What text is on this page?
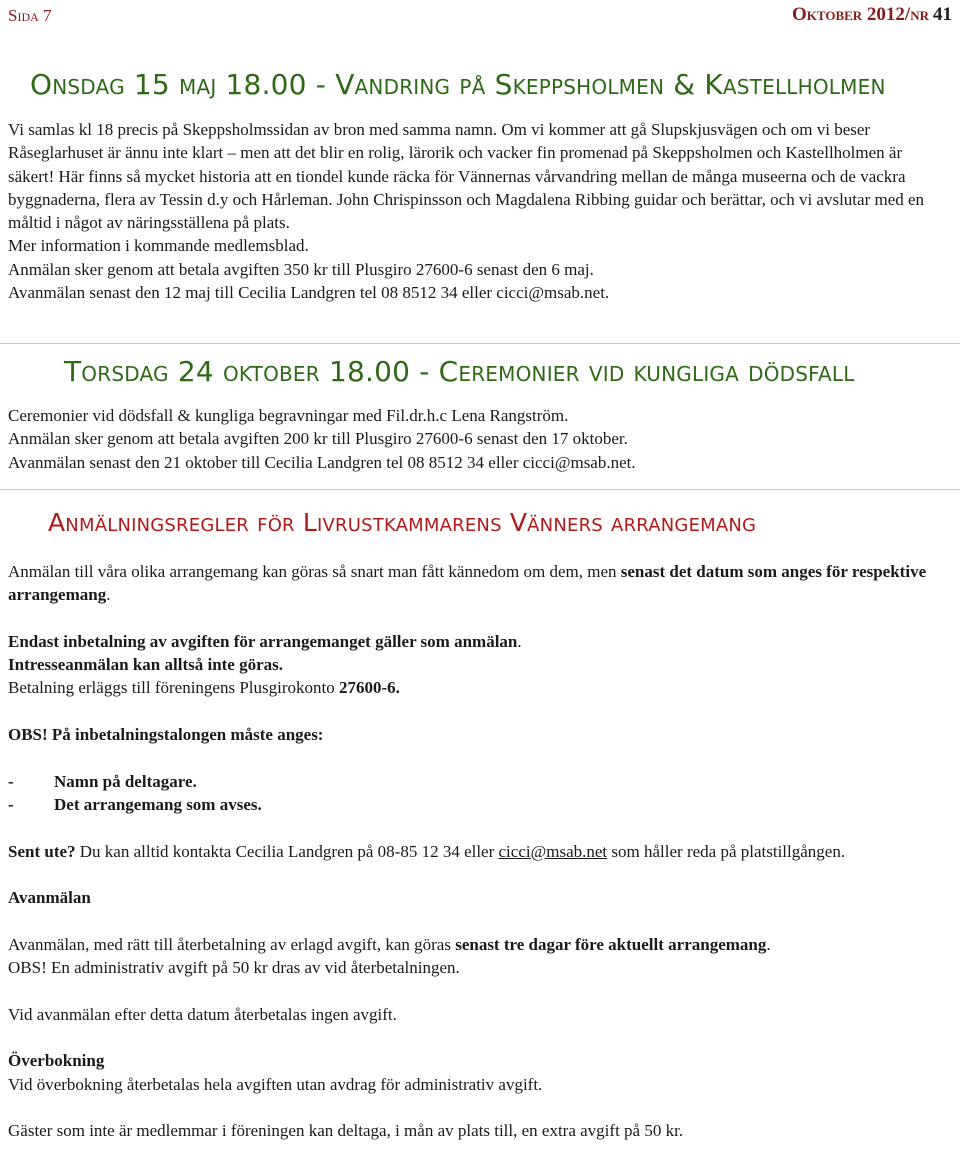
Sida 7	Oktober 2012/nr 41
Onsdag 15 maj 18.00 - Vandring på Skeppsholmen & Kastellholmen

Vi samlas kl 18 precis på Skeppsholmssidan av bron med samma namn. Om vi kommer att gå Slupskjusvägen och om vi beser Råseglarhuset är ännu inte klart – men att det blir en rolig, lärorik och vacker fin promenad på Skeppsholmen och Kastellholmen är säkert! Här finns så mycket historia att en tiondel kunde räcka för Vännernas vårvandring mellan de många museerna och de vackra byggnaderna, flera av Tessin d.y och Hårleman. John Chrispinsson och Magdalena Ribbing guidar och berättar, och vi avslutar med en måltid i något av näringsställena på plats.

Mer information i kommande medlemsblad.

Anmälan sker genom att betala avgiften 350 kr till Plusgiro 27600-6 senast den 6 maj.

Avanmälan senast den 12 maj till Cecilia Landgren tel 08 8512 34 eller cicci@msab.net.

Torsdag 24 oktober 18.00 - Ceremonier vid kungliga dödsfall

Ceremonier vid dödsfall & kungliga begravningar med Fil.dr.h.c Lena Rangström.

Anmälan sker genom att betala avgiften 200 kr till Plusgiro 27600-6 senast den 17 oktober.

Avanmälan senast den 21 oktober till Cecilia Landgren tel 08 8512 34 eller cicci@msab.net.

Anmälningsregler för Livrustkammarens Vänners arrangemang

Anmälan till våra olika arrangemang kan göras så snart man fått kännedom om dem, men senast det datum som anges för respektive arrangemang.

Endast inbetalning av avgiften för arrangemanget gäller som anmälan.

Intresseanmälan kan alltså inte göras.

Betalning erläggs till föreningens Plusgirokonto 27600-6.

OBS! På inbetalningstalongen måste anges:

- Namn på deltagare.

- Det arrangemang som avses.

Sent ute? Du kan alltid kontakta Cecilia Landgren på 08-85 12 34 eller cicci@msab.net som håller reda på platstillgången.

Avanmälan

Avanmälan, med rätt till återbetalning av erlagd avgift, kan göras senast tre dagar före aktuellt arrangemang.

OBS! En administrativ avgift på 50 kr dras av vid återbetalningen.

Vid avanmälan efter detta datum återbetalas ingen avgift.

Överbokning

Vid överbokning återbetalas hela avgiften utan avdrag för administrativ avgift.

Gäster som inte är medlemmar i föreningen kan deltaga, i mån av plats till, en extra avgift på 50 kr.
